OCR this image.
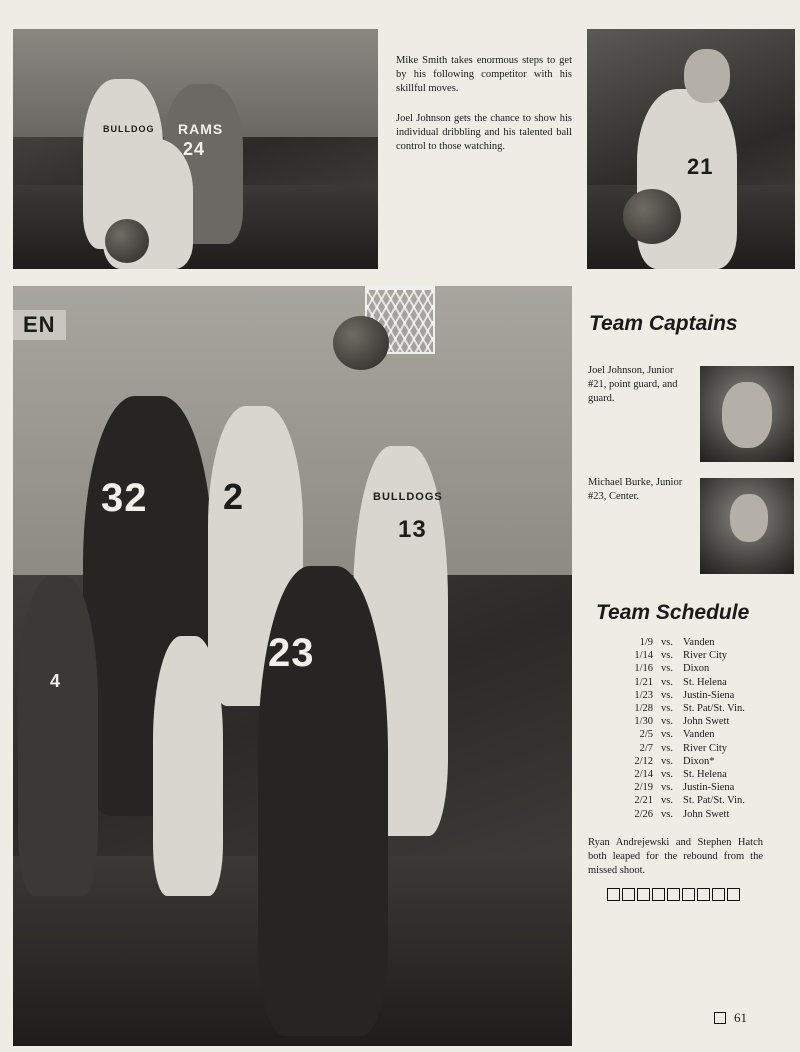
RAMS
24
BULLDOG

Mike Smith takes enormous steps to get by his following competitor with his skillful moves.

Joel Johnson gets the chance to show his individual dribbling and his talented ball control to those watching.

21
EN
32 2	BULLDOGS
13
23
4
Team Captains

Joel Johnson, Junior #21, point guard, and guard.

Michael Burke, Junior #23, Center.

Team Schedule
1/9	vs.	Vanden
1/14	vs.	River City
1/16	vs.	Dixon
1/21	vs.	St. Helena
1/23	vs.	Justin-Siena
1/28	vs.	St. Pat/St. Vin.
1/30	vs.	John Swett
2/5	vs.	Vanden
2/7	vs.	River City
2/12	vs.	Dixon*
2/14	vs.	St. Helena
2/19	vs.	Justin-Siena
2/21	vs.	St. Pat/St. Vin.
2/26	vs.	John Swett

Ryan Andrejewski and Stephen Hatch both leaped for the rebound from the missed shoot.

61
